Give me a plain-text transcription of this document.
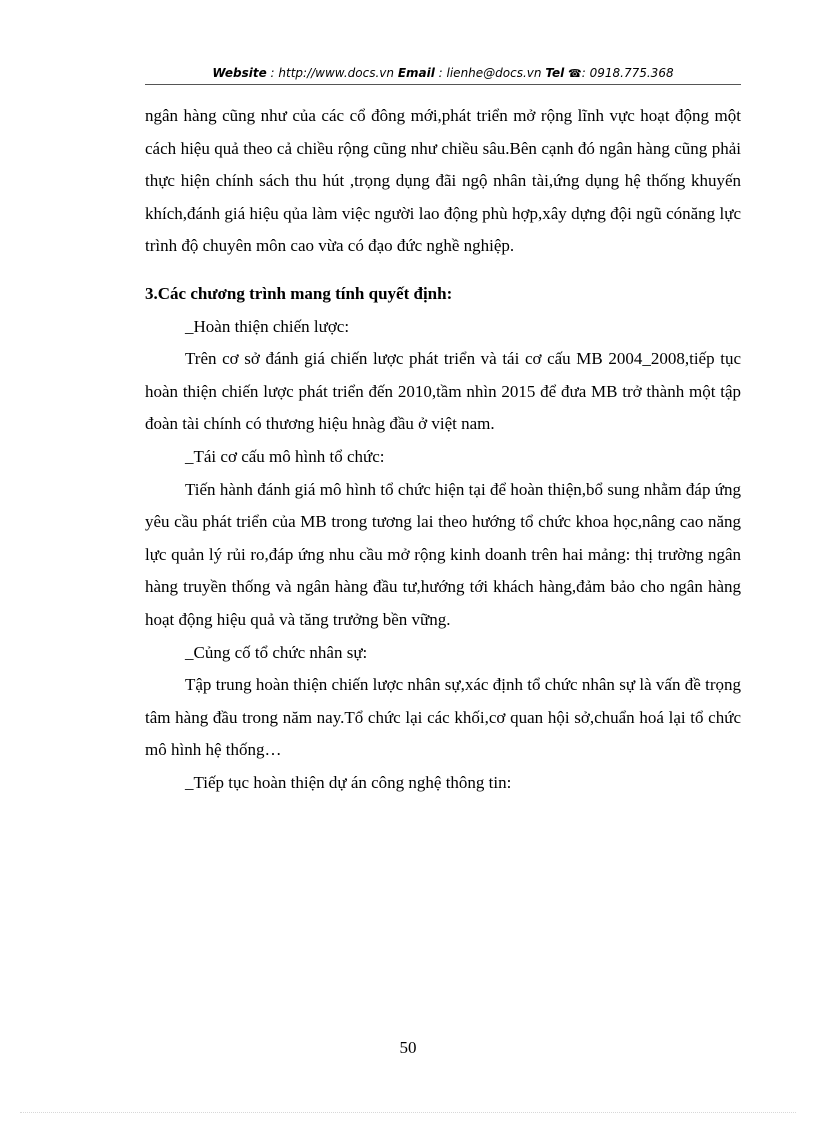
Website : http://www.docs.vn Email : lienhe@docs.vn Tel ☎: 0918.775.368

ngân hàng cũng như của các cổ đông mới,phát triển mở rộng lĩnh vực hoạt động một cách hiệu quả theo cả chiều rộng cũng như chiều sâu.Bên cạnh đó ngân hàng cũng phải thực hiện chính sách thu hút ,trọng dụng đãi ngộ nhân tài,ứng dụng hệ thống khuyến khích,đánh giá hiệu qủa làm việc người lao động phù hợp,xây dựng đội ngũ cónăng lực trình độ chuyên môn cao vừa có đạo đức nghề nghiệp.

3.Các chương trình mang tính quyết định:

_Hoàn thiện chiến lược:

Trên cơ sở đánh giá chiến lược phát triển và tái cơ cấu MB 2004_2008,tiếp tục hoàn thiện chiến lược phát triển đến 2010,tầm nhìn 2015 để đưa MB trở thành một tập đoàn tài chính có thương hiệu hnàg đầu ở việt nam.

_Tái cơ cấu mô hình tổ chức:

Tiến hành đánh giá mô hình tổ chức hiện tại để hoàn thiện,bổ sung nhằm đáp ứng yêu cầu phát triển của MB trong tương lai theo hướng tổ chức khoa học,nâng cao năng lực quản lý rủi ro,đáp ứng nhu cầu mở rộng kinh doanh trên hai mảng: thị trường ngân hàng truyền thống và ngân hàng đầu tư,hướng tới khách hàng,đảm bảo cho ngân hàng hoạt động hiệu quả và tăng trưởng bền vững.

_Củng cố tổ chức nhân sự:

Tập trung hoàn thiện chiến lược nhân sự,xác định tổ chức nhân sự là vấn đề trọng tâm hàng đầu trong năm nay.Tổ chức lại các khối,cơ quan hội sở,chuẩn hoá lại tổ chức mô hình hệ thống…

_Tiếp tục hoàn thiện dự án công nghệ thông tin:

50
